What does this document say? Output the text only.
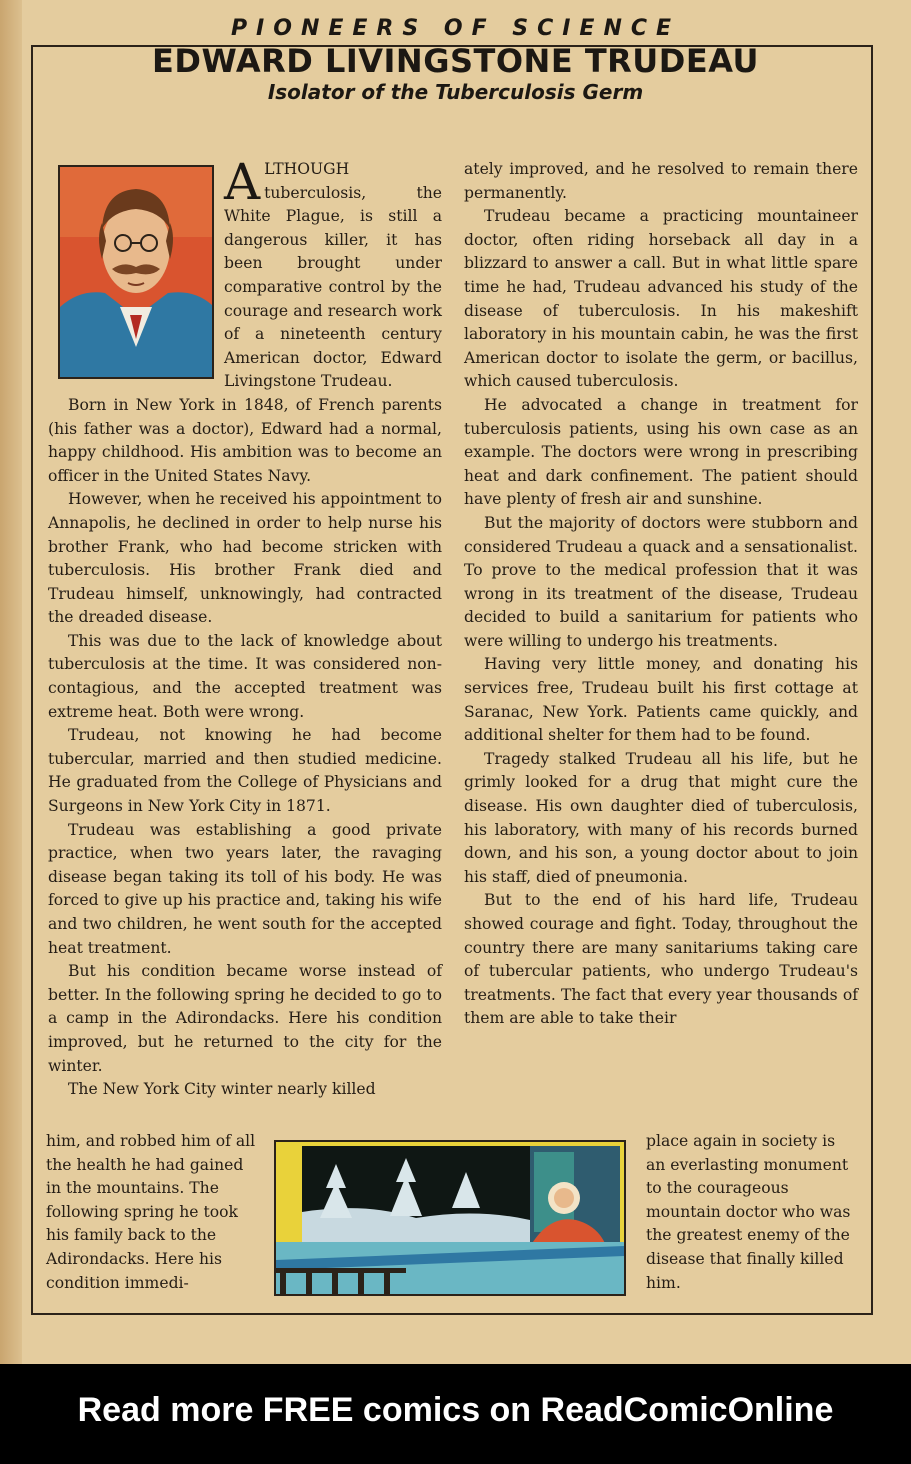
PIONEERS OF SCIENCE
EDWARD LIVINGSTONE TRUDEAU
Isolator of the Tuberculosis Germ

ALTHOUGH tuberculosis, the White Plague, is still a dangerous killer, it has been brought under comparative control by the courage and research work of a nineteenth century American doctor, Edward Livingstone Trudeau.

Born in New York in 1848, of French parents (his father was a doctor), Edward had a normal, happy childhood. His ambition was to become an officer in the United States Navy.

However, when he received his appointment to Annapolis, he declined in order to help nurse his brother Frank, who had become stricken with tuberculosis. His brother Frank died and Trudeau himself, unknowingly, had contracted the dreaded disease.

This was due to the lack of knowledge about tuberculosis at the time. It was considered non-contagious, and the accepted treatment was extreme heat. Both were wrong.

Trudeau, not knowing he had become tubercular, married and then studied medicine. He graduated from the College of Physicians and Surgeons in New York City in 1871.

Trudeau was establishing a good private practice, when two years later, the ravaging disease began taking its toll of his body. He was forced to give up his practice and, taking his wife and two children, he went south for the accepted heat treatment.

But his condition became worse instead of better. In the following spring he decided to go to a camp in the Adirondacks. Here his condition improved, but he returned to the city for the winter.

The New York City winter nearly killed

him, and robbed him of all the health he had gained in the mountains. The following spring he took his family back to the Adirondacks. Here his condition immedi-

ately improved, and he resolved to remain there permanently.

Trudeau became a practicing mountaineer doctor, often riding horseback all day in a blizzard to answer a call. But in what little spare time he had, Trudeau advanced his study of the disease of tuberculosis. In his makeshift laboratory in his mountain cabin, he was the first American doctor to isolate the germ, or bacillus, which caused tuberculosis.

He advocated a change in treatment for tuberculosis patients, using his own case as an example. The doctors were wrong in prescribing heat and dark confinement. The patient should have plenty of fresh air and sunshine.

But the majority of doctors were stubborn and considered Trudeau a quack and a sensationalist. To prove to the medical profession that it was wrong in its treatment of the disease, Trudeau decided to build a sanitarium for patients who were willing to undergo his treatments.

Having very little money, and donating his services free, Trudeau built his first cottage at Saranac, New York. Patients came quickly, and additional shelter for them had to be found.

Tragedy stalked Trudeau all his life, but he grimly looked for a drug that might cure the disease. His own daughter died of tuberculosis, his laboratory, with many of his records burned down, and his son, a young doctor about to join his staff, died of pneumonia.

But to the end of his hard life, Trudeau showed courage and fight. Today, throughout the country there are many sanitariums taking care of tubercular patients, who undergo Trudeau's treatments. The fact that every year thousands of them are able to take their

place again in society is an everlasting monument to the courageous mountain doctor who was the greatest enemy of the disease that finally killed him.

Read more FREE comics on ReadComicOnline
